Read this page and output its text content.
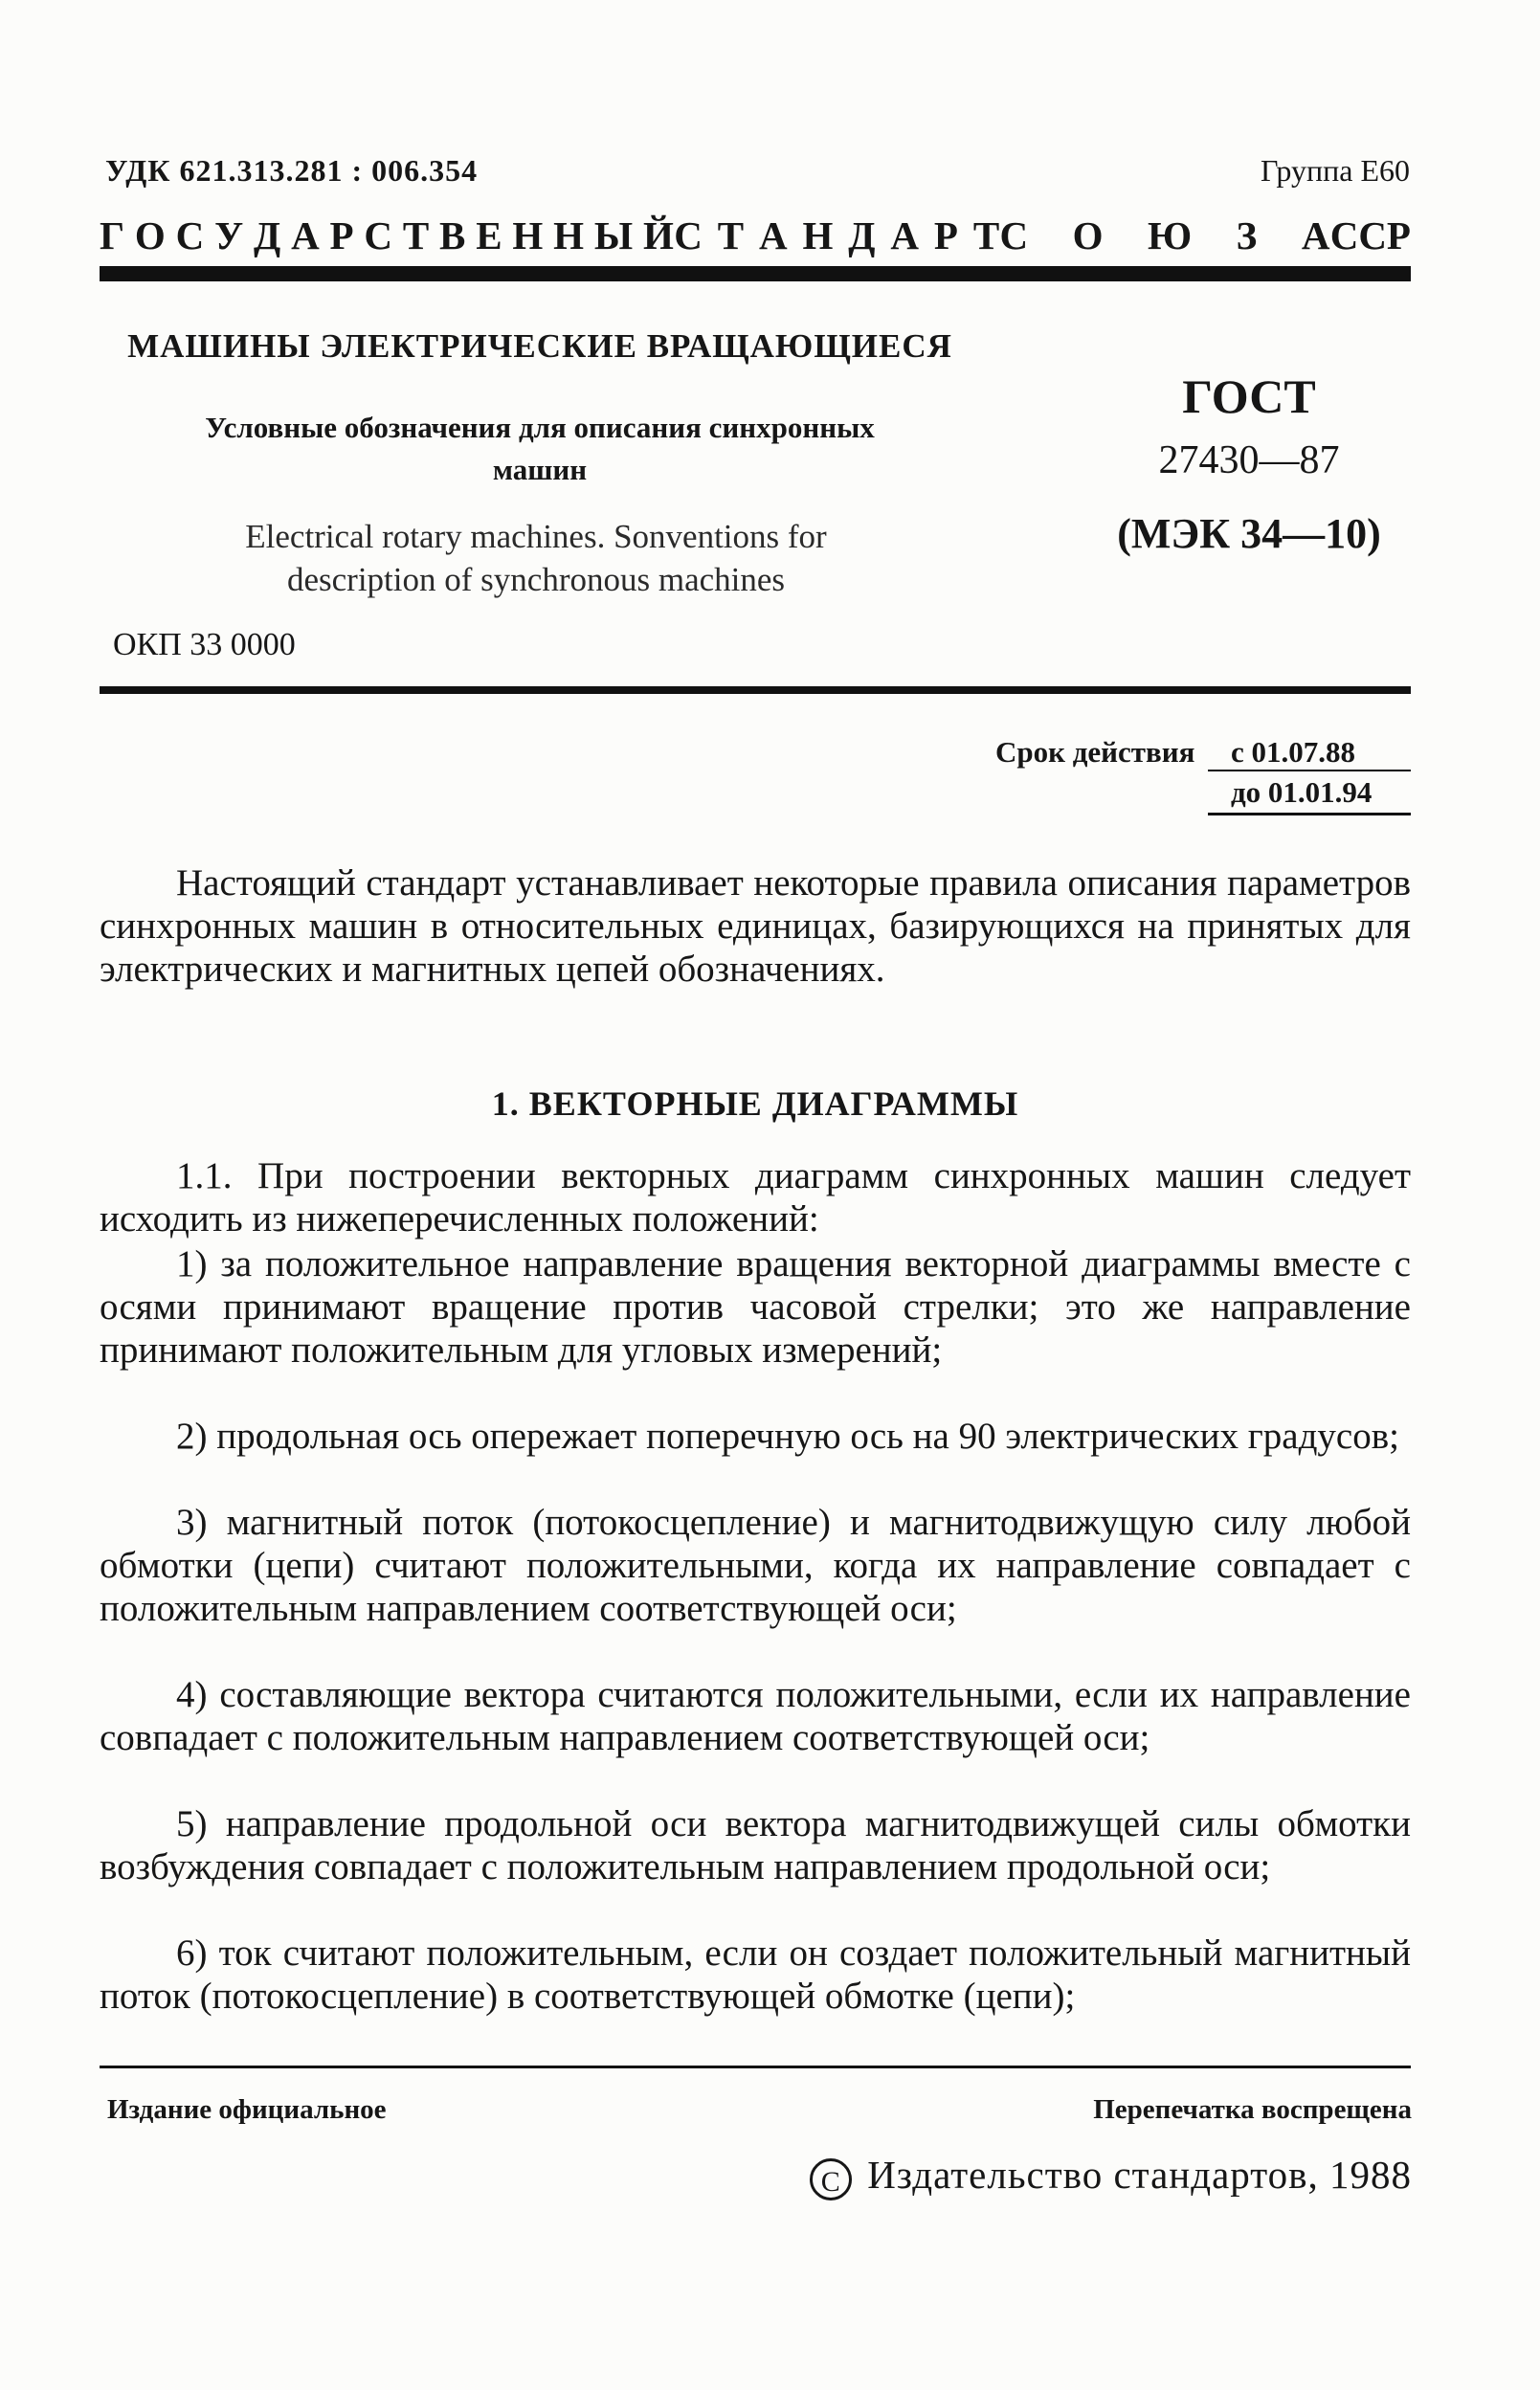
УДК 621.313.281 : 006.354	Группа Е60
Г О С У Д А Р С Т В Е Н Н Ы Й С Т А Н Д А Р Т С О Ю З А С С Р
МАШИНЫ ЭЛЕКТРИЧЕСКИЕ ВРАЩАЮЩИЕСЯ
Условные обозначения для описания синхронных машин
Electrical rotary machines. Sonventions for description of synchronous machines
ГОСТ
27430—87
(МЭК 34—10)
ОКП 33 0000
Срок действия с 01.07.88
до 01.01.94
Настоящий стандарт устанавливает некоторые правила описания параметров синхронных машин в относительных единицах, базирующихся на принятых для электрических и магнитных цепей обозначениях.
1. ВЕКТОРНЫЕ ДИАГРАММЫ
1.1. При построении векторных диаграмм синхронных машин следует исходить из нижеперечисленных положений:
1) за положительное направление вращения векторной диаграммы вместе с осями принимают вращение против часовой стрелки; это же направление принимают положительным для угловых измерений;
2) продольная ось опережает поперечную ось на 90 электрических градусов;
3) магнитный поток (потокосцепление) и магнитодвижущую силу любой обмотки (цепи) считают положительными, когда их направление совпадает с положительным направлением соответствующей оси;
4) составляющие вектора считаются положительными, если их направление совпадает с положительным направлением соответствующей оси;
5) направление продольной оси вектора магнитодвижущей силы обмотки возбуждения совпадает с положительным направлением продольной оси;
6) ток считают положительным, если он создает положительный магнитный поток (потокосцепление) в соответствующей обмотке (цепи);
Издание официальное	Перепечатка воспрещена
C Издательство стандартов, 1988
